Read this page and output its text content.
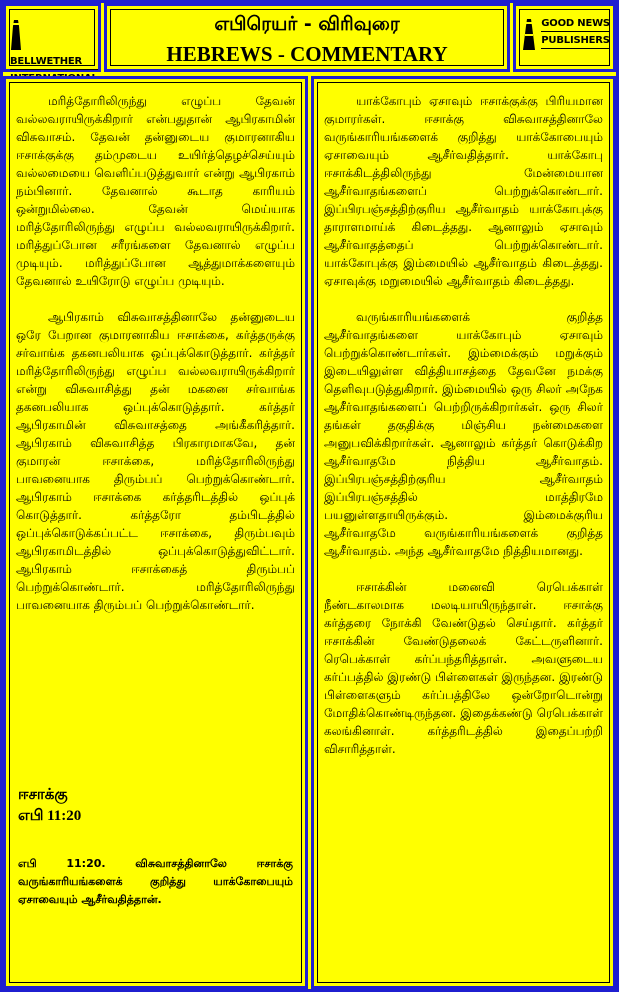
BELLWETHER
எபிரெயர் - விரிவுரை
HEBREWS - COMMENTARY

GOOD NEWS
PUBLISHERS

மரித்தோரிலிருந்து எழுப்ப தேவன் வல்லவராயிருக்கிறார் என்பதுதான் ஆபிரகாமின் விசுவாசம். தேவன் தன்னுடைய குமாரனாகிய ஈசாக்குக்கு தம்முடைய உயிர்த்தெழச்செய்யும் வல்லமையை வெளிப்படுத்துவார் என்று ஆபிரகாம் நம்பினார். தேவனால் கூடாத காரியம் ஒன்றுமில்லை. தேவன் மெய்யாக மரித்தோரிலிருந்து எழுப்ப வல்லவராயிருக்கிறார். மரித்துப்போன சரீரங்களை தேவனால் எழுப்ப முடியும். மரித்துப்போன ஆத்துமாக்களையும் தேவனால் உயிரோடு எழுப்ப முடியும்.

ஆபிரகாம் விசுவாசத்தினாலே தன்னுடைய ஒரே பேறான குமாரனாகிய ஈசாக்கை, கர்த்தருக்கு சர்வாங்க தகனபலியாக ஒப்புக்கொடுத்தார். கர்த்தர் மரித்தோரிலிருந்து எழுப்ப வல்லவராயிருக்கிறார் என்று விசுவாசித்து தன் மகனை சர்வாங்க தகனபலியாக ஒப்புக்கொடுத்தார். கர்த்தர் ஆபிரகாமின் விசுவாசத்தை அங்கீகரித்தார். ஆபிரகாம் விசுவாசித்த பிரகாரமாகவே, தன் குமாரன் ஈசாக்கை, மரித்தோரிலிருந்து பாவனையாக திரும்பப் பெற்றுக்கொண்டார். ஆபிரகாம் ஈசாக்கை கர்த்தரிடத்தில் ஒப்புக் கொடுத்தார். கர்த்தரோ தம்பிடத்தில் ஒப்புக்கொடுக்கப்பட்ட ஈசாக்கை, திரும்பவும் ஆபிரகாமிடத்தில் ஒப்புக்கொடுத்துவிட்டார். ஆபிரகாம் ஈசாக்கைத் திரும்பப் பெற்றுக்கொண்டார். மரித்தோரிலிருந்து பாவனையாக திரும்பப் பெற்றுக்கொண்டார்.

ஈசாக்கு
எபி 11:20
எபி 11:20. விசுவாசத்தினாலே ஈசாக்கு வருங்காரியங்களைக் குறித்து யாக்கோபையும் ஏசாவையும் ஆசீர்வதித்தான்.

யாக்கோபும் ஏசாவும் ஈசாக்குக்கு பிரியமான குமாரர்கள். ஈசாக்கு விசுவாசத்தினாலே வருங்காரியங்களைக் குறித்து யாக்கோபையும் ஏசாவையும் ஆசீர்வதித்தார். யாக்கோபு ஈசாக்கிடத்திலிருந்து மேன்மையான ஆசீர்வாதங்களைப் பெற்றுக்கொண்டார். இப்பிரபஞ்சத்திற்குரிய ஆசீர்வாதம் யாக்கோபுக்கு தாராளமாய்க் கிடைத்தது. ஆனாலும் ஏசாவும் ஆசீர்வாதத்தைப் பெற்றுக்கொண்டார். யாக்கோபுக்கு இம்மையில் ஆசீர்வாதம் கிடைத்தது. ஏசாவுக்கு மறுமையில் ஆசீர்வாதம் கிடைத்தது.

வருங்காரியங்களைக் குறித்த ஆசீர்வாதங்களை யாக்கோபும் ஏசாவும் பெற்றுக்கொண்டார்கள். இம்மைக்கும் மறுக்கும் இடையிலுள்ள வித்தியாசத்தை தேவனே நமக்கு தெளிவுபடுத்துகிறார். இம்மையில் ஒரு சிலர் அநேக ஆசீர்வாதங்களைப் பெற்றிருக்கிறார்கள். ஒரு சிலர் தங்கள் தகுதிக்கு மிஞ்சிய நன்மைகளை அனுபவிக்கிறார்கள். ஆனாலும் கர்த்தர் கொடுக்கிற ஆசீர்வாதமே நித்திய ஆசீர்வாதம். இப்பிரபஞ்சத்திற்குரிய ஆசீர்வாதம் இப்பிரபஞ்சத்தில் மாத்திரமே பயனுள்ளதாயிருக்கும். இம்மைக்குரிய ஆசீர்வாதமே வருங்காரியங்களைக் குறித்த ஆசீர்வாதம். அந்த ஆசீர்வாதமே நித்தியமானது.

ஈசாக்கின் மனைவி ரெபெக்காள் நீண்டகாலமாக மலடியாயிருந்தாள். ஈசாக்கு கர்த்தரை நோக்கி வேண்டுதல் செய்தார். கர்த்தர் ஈசாக்கின் வேண்டுதலைக் கேட்டருளினார். ரெபெக்காள் கர்ப்பந்தரித்தாள். அவளுடைய கர்ப்பத்தில் இரண்டு பிள்ளைகள் இருந்தன. இரண்டு பிள்ளைகளும் கர்ப்பத்திலே ஒன்றோடொன்று மோதிக்கொண்டிருந்தன. இதைக்கண்டு ரெபெக்காள் கலங்கினாள். கர்த்தரிடத்தில் இதைப்பற்றி விசாரித்தாள்.
